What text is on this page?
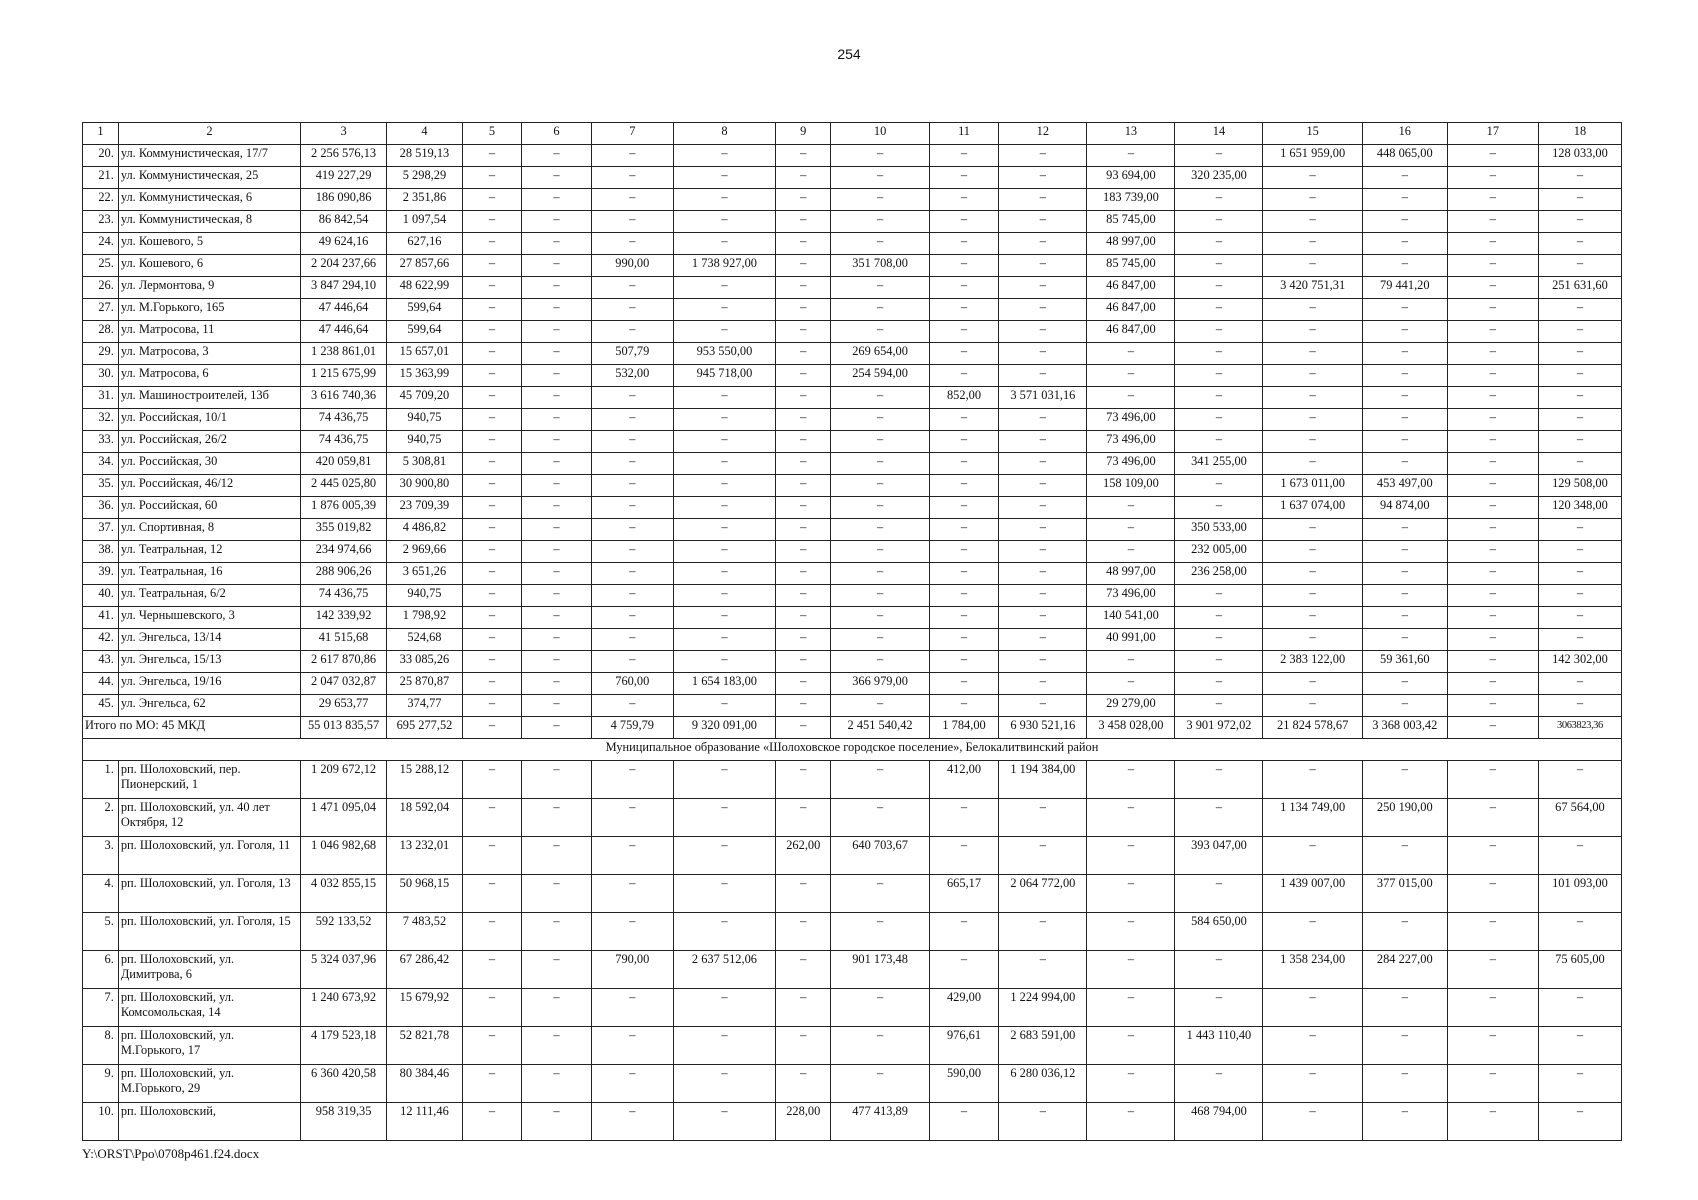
254
1	2	3	4	5	6	7	8	9	10	11	12	13	14	15	16	17	18
20.	ул. Коммунистическая, 17/7	2 256 576,13	28 519,13	–	–	–	–	–	–	–	–	–	–	1 651 959,00	448 065,00	–	128 033,00
21.	ул. Коммунистическая, 25	419 227,29	5 298,29	–	–	–	–	–	–	–	–	93 694,00	320 235,00	–	–	–	–
22.	ул. Коммунистическая, 6	186 090,86	2 351,86	–	–	–	–	–	–	–	–	183 739,00	–	–	–	–	–
23.	ул. Коммунистическая, 8	86 842,54	1 097,54	–	–	–	–	–	–	–	–	85 745,00	–	–	–	–	–
24.	ул. Кошевого, 5	49 624,16	627,16	–	–	–	–	–	–	–	–	48 997,00	–	–	–	–	–
25.	ул. Кошевого, 6	2 204 237,66	27 857,66	–	–	990,00	1 738 927,00	–	351 708,00	–	–	85 745,00	–	–	–	–	–
26.	ул. Лермонтова, 9	3 847 294,10	48 622,99	–	–	–	–	–	–	–	–	46 847,00	–	3 420 751,31	79 441,20	–	251 631,60
27.	ул. М.Горького, 165	47 446,64	599,64	–	–	–	–	–	–	–	–	46 847,00	–	–	–	–	–
28.	ул. Матросова, 11	47 446,64	599,64	–	–	–	–	–	–	–	–	46 847,00	–	–	–	–	–
29.	ул. Матросова, 3	1 238 861,01	15 657,01	–	–	507,79	953 550,00	–	269 654,00	–	–	–	–	–	–	–	–
30.	ул. Матросова, 6	1 215 675,99	15 363,99	–	–	532,00	945 718,00	–	254 594,00	–	–	–	–	–	–	–	–
31.	ул. Машиностроителей, 13б	3 616 740,36	45 709,20	–	–	–	–	–	–	852,00	3 571 031,16	–	–	–	–	–	–
32.	ул. Российская, 10/1	74 436,75	940,75	–	–	–	–	–	–	–	–	73 496,00	–	–	–	–	–
33.	ул. Российская, 26/2	74 436,75	940,75	–	–	–	–	–	–	–	–	73 496,00	–	–	–	–	–
34.	ул. Российская, 30	420 059,81	5 308,81	–	–	–	–	–	–	–	–	73 496,00	341 255,00	–	–	–	–
35.	ул. Российская, 46/12	2 445 025,80	30 900,80	–	–	–	–	–	–	–	–	158 109,00	–	1 673 011,00	453 497,00	–	129 508,00
36.	ул. Российская, 60	1 876 005,39	23 709,39	–	–	–	–	–	–	–	–	–	–	1 637 074,00	94 874,00	–	120 348,00
37.	ул. Спортивная, 8	355 019,82	4 486,82	–	–	–	–	–	–	–	–	–	350 533,00	–	–	–	–
38.	ул. Театральная, 12	234 974,66	2 969,66	–	–	–	–	–	–	–	–	–	232 005,00	–	–	–	–
39.	ул. Театральная, 16	288 906,26	3 651,26	–	–	–	–	–	–	–	–	48 997,00	236 258,00	–	–	–	–
40.	ул. Театральная, 6/2	74 436,75	940,75	–	–	–	–	–	–	–	–	73 496,00	–	–	–	–	–
41.	ул. Чернышевского, 3	142 339,92	1 798,92	–	–	–	–	–	–	–	–	140 541,00	–	–	–	–	–
42.	ул. Энгельса, 13/14	41 515,68	524,68	–	–	–	–	–	–	–	–	40 991,00	–	–	–	–	–
43.	ул. Энгельса, 15/13	2 617 870,86	33 085,26	–	–	–	–	–	–	–	–	–	–	2 383 122,00	59 361,60	–	142 302,00
44.	ул. Энгельса, 19/16	2 047 032,87	25 870,87	–	–	760,00	1 654 183,00	–	366 979,00	–	–	–	–	–	–	–	–
45.	ул. Энгельса, 62	29 653,77	374,77	–	–	–	–	–	–	–	–	29 279,00	–	–	–	–	–
Итого по МО: 45 МКД		55 013 835,57	695 277,52	–	–	4 759,79	9 320 091,00	–	2 451 540,42	1 784,00	6 930 521,16	3 458 028,00	3 901 972,02	21 824 578,67	3 368 003,42	–	3063823,36
Муниципальное образование «Шолоховское городское поселение», Белокалитвинский район																	
1.	рп. Шолоховский, пер. Пионерский, 1	1 209 672,12	15 288,12	–	–	–	–	–	–	412,00	1 194 384,00	–	–	–	–	–	–
2.	рп. Шолоховский, ул. 40 лет Октября, 12	1 471 095,04	18 592,04	–	–	–	–	–	–	–	–	–	–	1 134 749,00	250 190,00	–	67 564,00
3.	рп. Шолоховский, ул. Гоголя, 11	1 046 982,68	13 232,01	–	–	–	–	262,00	640 703,67	–	–	–	393 047,00	–	–	–	–
4.	рп. Шолоховский, ул. Гоголя, 13	4 032 855,15	50 968,15	–	–	–	–	–	–	665,17	2 064 772,00	–	–	1 439 007,00	377 015,00	–	101 093,00
5.	рп. Шолоховский, ул. Гоголя, 15	592 133,52	7 483,52	–	–	–	–	–	–	–	–	–	584 650,00	–	–	–	–
6.	рп. Шолоховский, ул. Димитрова, 6	5 324 037,96	67 286,42	–	–	790,00	2 637 512,06	–	901 173,48	–	–	–	–	1 358 234,00	284 227,00	–	75 605,00
7.	рп. Шолоховский, ул. Комсомольская, 14	1 240 673,92	15 679,92	–	–	–	–	–	–	429,00	1 224 994,00	–	–	–	–	–	–
8.	рп. Шолоховский, ул. М.Горького, 17	4 179 523,18	52 821,78	–	–	–	–	–	–	976,61	2 683 591,00	–	1 443 110,40	–	–	–	–
9.	рп. Шолоховский, ул. М.Горького, 29	6 360 420,58	80 384,46	–	–	–	–	–	–	590,00	6 280 036,12	–	–	–	–	–	–
10.	рп. Шолоховский,	958 319,35	12 111,46	–	–	–	–	228,00	477 413,89	–	–	–	468 794,00	–	–	–	–
Y:\ORST\Ppo\0708p461.f24.docx
